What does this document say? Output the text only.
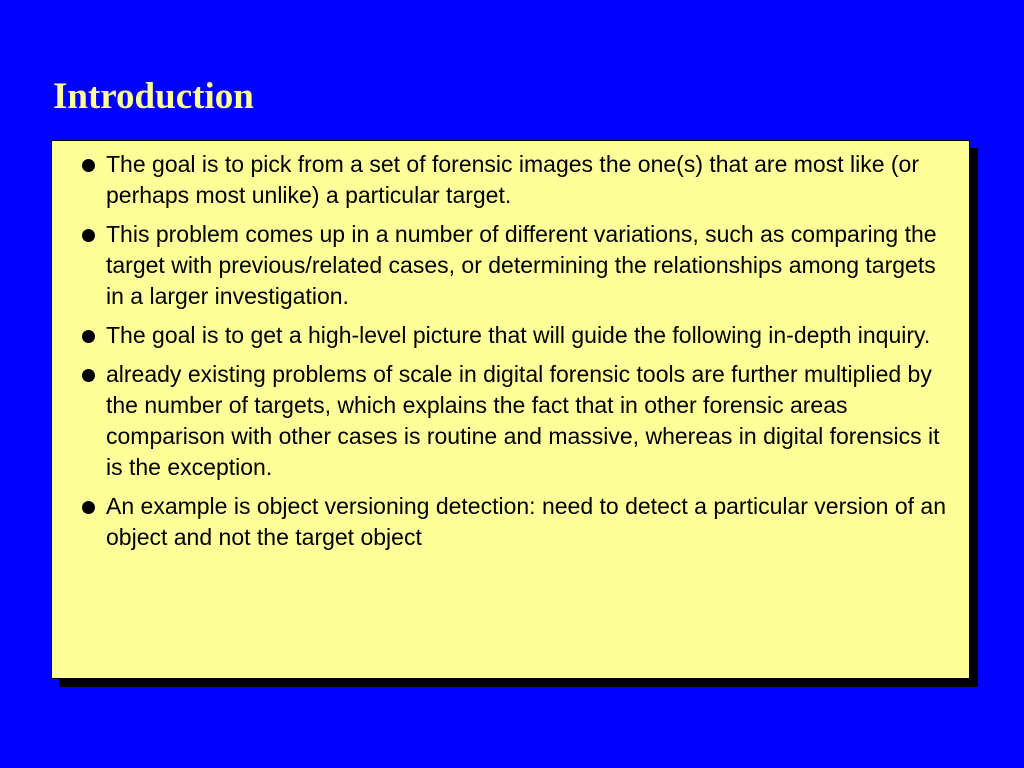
Introduction
The goal is to pick from a set of forensic images the one(s) that are most like (or perhaps most unlike) a particular target.
This problem comes up in a number of different variations, such as comparing the target with previous/related cases, or determining the relationships among targets in a larger investigation.
The goal is to get a high-level picture that will guide the following in-depth inquiry.
already existing problems of scale in digital forensic tools are further multiplied by the number of targets, which explains the fact that in other forensic areas comparison with other cases is routine and massive, whereas in digital forensics it is the exception.
An example is object versioning detection: need to detect a particular version of an object and not the target object
